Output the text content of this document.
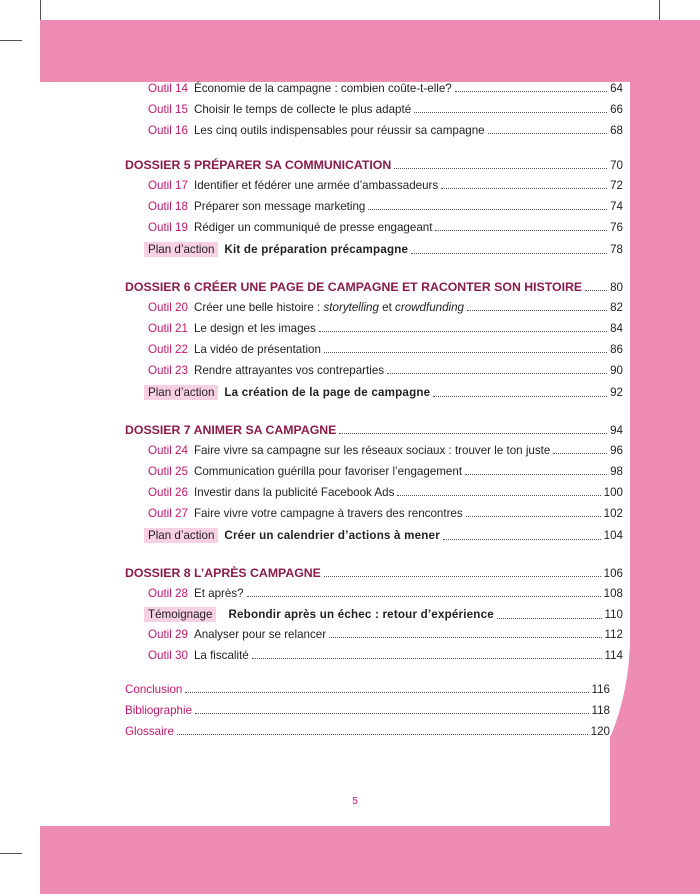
Outil 14 Économie de la campagne : combien coûte-t-elle?	64
Outil 15 Choisir le temps de collecte le plus adapté	66
Outil 16 Les cinq outils indispensables pour réussir sa campagne	68
DOSSIER 5 PRÉPARER SA COMMUNICATION	70
Outil 17 Identifier et fédérer une armée d’ambassadeurs	72
Outil 18 Préparer son message marketing	74
Outil 19 Rédiger un communiqué de presse engageant	76
Plan d’action Kit de préparation précampagne	78
DOSSIER 6 CRÉER UNE PAGE DE CAMPAGNE ET RACONTER SON HISTOIRE 80
Outil 20 Créer une belle histoire : storytelling et crowdfunding	82
Outil 21 Le design et les images	84
Outil 22 La vidéo de présentation	86
Outil 23 Rendre attrayantes vos contreparties	90
Plan d’action La création de la page de campagne	92
DOSSIER 7 ANIMER SA CAMPAGNE	94
Outil 24 Faire vivre sa campagne sur les réseaux sociaux : trouver le ton juste	96
Outil 25 Communication guérilla pour favoriser l’engagement	98
Outil 26 Investir dans la publicité Facebook Ads	100
Outil 27 Faire vivre votre campagne à travers des rencontres	102
Plan d’action Créer un calendrier d’actions à mener	104
DOSSIER 8 L’APRÈS CAMPAGNE	106
Outil 28 Et après?	108
Témoignage	Rebondir après un échec : retour d’expérience	110
Outil 29 Analyser pour se relancer	112
Outil 30 La fiscalité	114
Conclusion	116
Bibliographie	118
Glossaire	120
5
